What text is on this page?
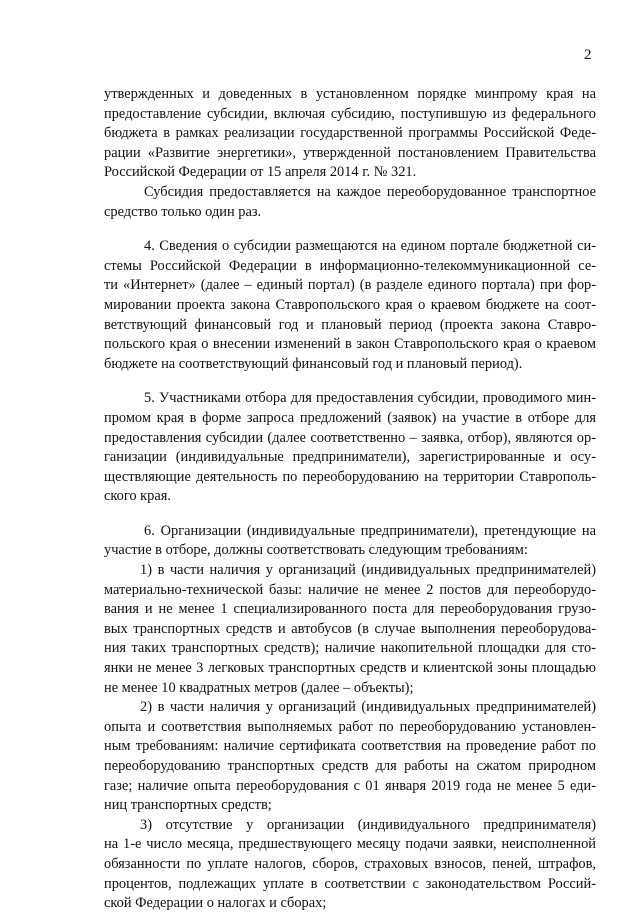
2
утвержденных и доведенных в установленном порядке минпрому края на
предоставление субсидии, включая субсидию, поступившую из федерального
бюджета в рамках реализации государственной программы Российской Феде-
рации «Развитие энергетики», утвержденной постановлением Правительства
Российской Федерации от 15 апреля 2014 г. № 321.
Субсидия предоставляется на каждое переоборудованное транспортное
средство только один раз.
4. Сведения о субсидии размещаются на едином портале бюджетной си-
стемы Российской Федерации в информационно-телекоммуникационной се-
ти «Интернет» (далее – единый портал) (в разделе единого портала) при фор-
мировании проекта закона Ставропольского края о краевом бюджете на соот-
ветствующий финансовый год и плановый период (проекта закона Ставро-
польского края о внесении изменений в закон Ставропольского края о краевом
бюджете на соответствующий финансовый год и плановый период).
5. Участниками отбора для предоставления субсидии, проводимого мин-
промом края в форме запроса предложений (заявок) на участие в отборе для
предоставления субсидии (далее соответственно – заявка, отбор), являются ор-
ганизации (индивидуальные предприниматели), зарегистрированные и осу-
ществляющие деятельность по переоборудованию на территории Ставрополь-
ского края.
6. Организации (индивидуальные предприниматели), претендующие на
участие в отборе, должны соответствовать следующим требованиям:
1) в части наличия у организаций (индивидуальных предпринимателей)
материально-технической базы: наличие не менее 2 постов для переоборудо-
вания и не менее 1 специализированного поста для переоборудования грузо-
вых транспортных средств и автобусов (в случае выполнения переоборудова-
ния таких транспортных средств); наличие накопительной площадки для сто-
янки не менее 3 легковых транспортных средств и клиентской зоны площадью
не менее 10 квадратных метров (далее – объекты);
2) в части наличия у организаций (индивидуальных предпринимателей)
опыта и соответствия выполняемых работ по переоборудованию установлен-
ным требованиям: наличие сертификата соответствия на проведение работ по
переоборудованию транспортных средств для работы на сжатом природном
газе; наличие опыта переоборудования с 01 января 2019 года не менее 5 еди-
ниц транспортных средств;
3) отсутствие у организации (индивидуального предпринимателя)
на 1-е число месяца, предшествующего месяцу подачи заявки, неисполненной
обязанности по уплате налогов, сборов, страховых взносов, пеней, штрафов,
процентов, подлежащих уплате в соответствии с законодательством Россий-
ской Федерации о налогах и сборах;
